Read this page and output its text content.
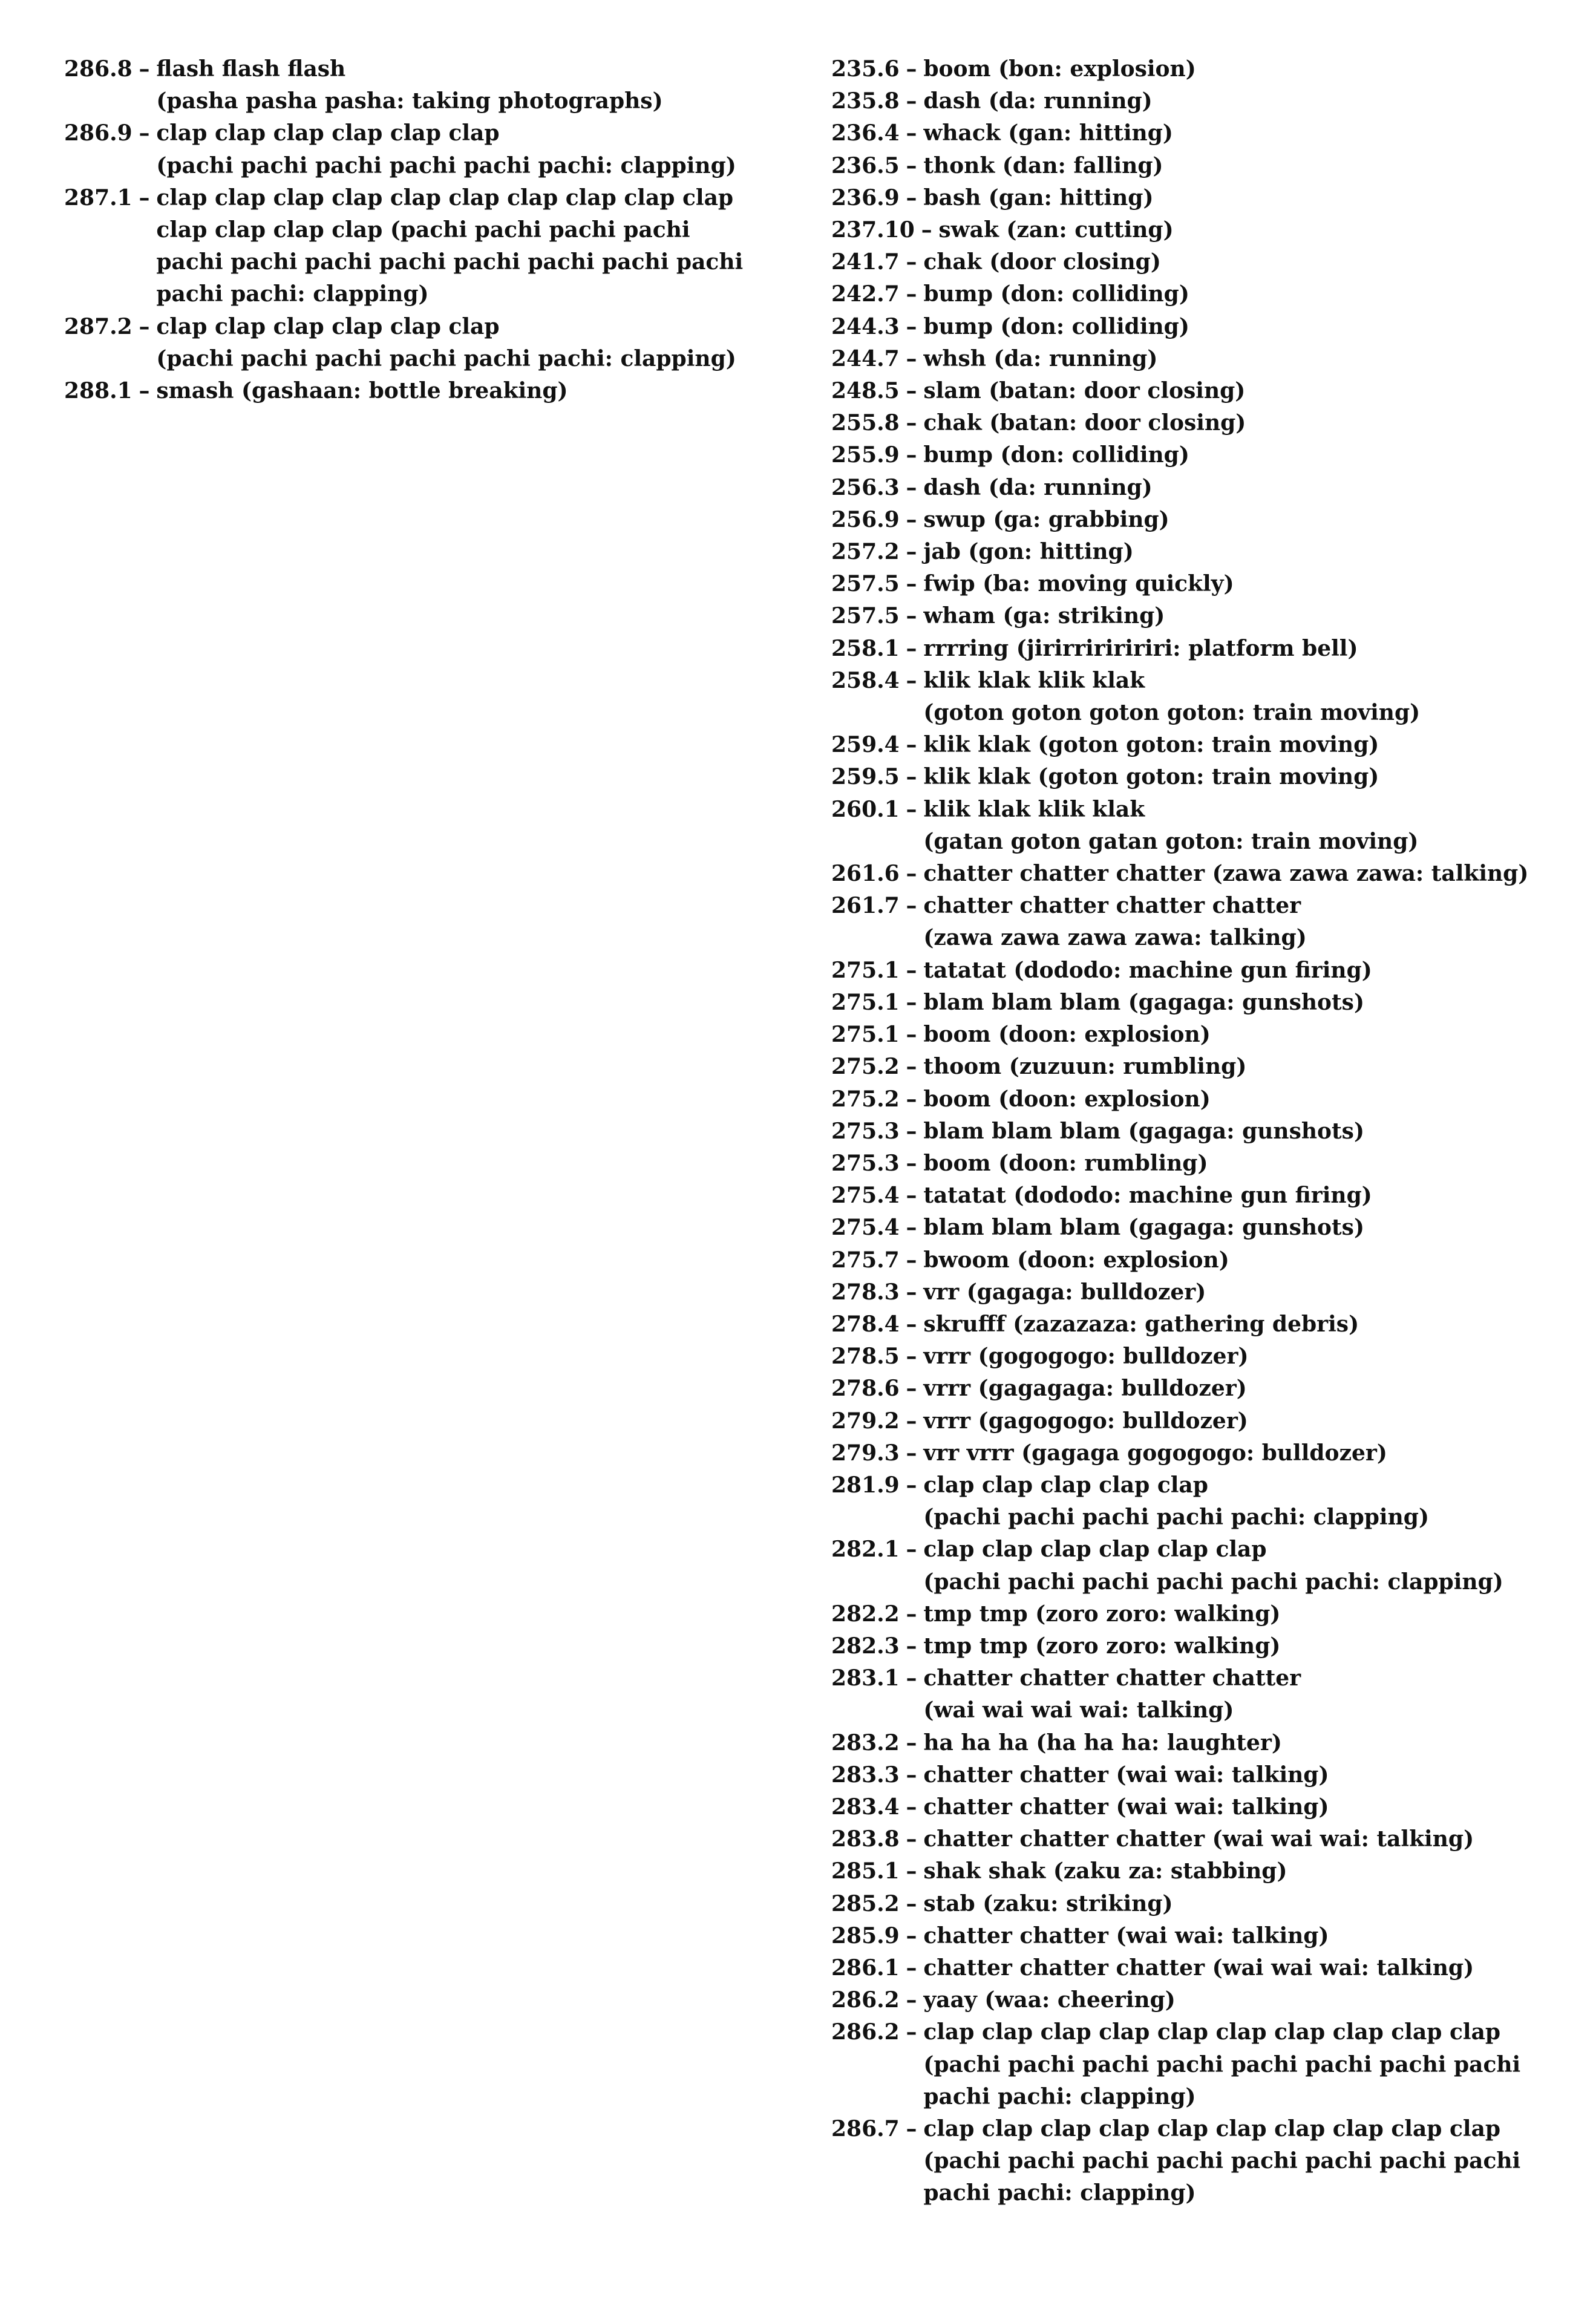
286.8 – flash flash flash
(pasha pasha pasha: taking photographs)
286.9 – clap clap clap clap clap clap
(pachi pachi pachi pachi pachi pachi: clapping)
287.1 – clap clap clap clap clap clap clap clap clap clap
clap clap clap clap (pachi pachi pachi pachi
pachi pachi pachi pachi pachi pachi pachi pachi
pachi pachi: clapping)
287.2 – clap clap clap clap clap clap
(pachi pachi pachi pachi pachi pachi: clapping)
288.1 – smash (gashaan: bottle breaking)
235.6 – boom (bon: explosion)
235.8 – dash (da: running)
236.4 – whack (gan: hitting)
236.5 – thonk (dan: falling)
236.9 – bash (gan: hitting)
237.10 – swak (zan: cutting)
241.7 – chak (door closing)
242.7 – bump (don: colliding)
244.3 – bump (don: colliding)
244.7 – whsh (da: running)
248.5 – slam (batan: door closing)
255.8 – chak (batan: door closing)
255.9 – bump (don: colliding)
256.3 – dash (da: running)
256.9 – swup (ga: grabbing)
257.2 – jab (gon: hitting)
257.5 – fwip (ba: moving quickly)
257.5 – wham (ga: striking)
258.1 – rrrring (jirirririririri: platform bell)
258.4 – klik klak klik klak
(goton goton goton goton: train moving)
259.4 – klik klak (goton goton: train moving)
259.5 – klik klak (goton goton: train moving)
260.1 – klik klak klik klak
(gatan goton gatan goton: train moving)
261.6 – chatter chatter chatter (zawa zawa zawa: talking)
261.7 – chatter chatter chatter chatter
(zawa zawa zawa zawa: talking)
275.1 – tatatat (dododo: machine gun firing)
275.1 – blam blam blam (gagaga: gunshots)
275.1 – boom (doon: explosion)
275.2 – thoom (zuzuun: rumbling)
275.2 – boom (doon: explosion)
275.3 – blam blam blam (gagaga: gunshots)
275.3 – boom (doon: rumbling)
275.4 – tatatat (dododo: machine gun firing)
275.4 – blam blam blam (gagaga: gunshots)
275.7 – bwoom (doon: explosion)
278.3 – vrr (gagaga: bulldozer)
278.4 – skrufff (zazazaza: gathering debris)
278.5 – vrrr (gogogogo: bulldozer)
278.6 – vrrr (gagagaga: bulldozer)
279.2 – vrrr (gagogogo: bulldozer)
279.3 – vrr vrrr (gagaga gogogogo: bulldozer)
281.9 – clap clap clap clap clap
(pachi pachi pachi pachi pachi: clapping)
282.1 – clap clap clap clap clap clap
(pachi pachi pachi pachi pachi pachi: clapping)
282.2 – tmp tmp (zoro zoro: walking)
282.3 – tmp tmp (zoro zoro: walking)
283.1 – chatter chatter chatter chatter
(wai wai wai wai: talking)
283.2 – ha ha ha (ha ha ha: laughter)
283.3 – chatter chatter (wai wai: talking)
283.4 – chatter chatter (wai wai: talking)
283.8 – chatter chatter chatter (wai wai wai: talking)
285.1 – shak shak (zaku za: stabbing)
285.2 – stab (zaku: striking)
285.9 – chatter chatter (wai wai: talking)
286.1 – chatter chatter chatter (wai wai wai: talking)
286.2 – yaay (waa: cheering)
286.2 – clap clap clap clap clap clap clap clap clap clap
(pachi pachi pachi pachi pachi pachi pachi pachi
pachi pachi: clapping)
286.7 – clap clap clap clap clap clap clap clap clap clap
(pachi pachi pachi pachi pachi pachi pachi pachi
pachi pachi: clapping)
